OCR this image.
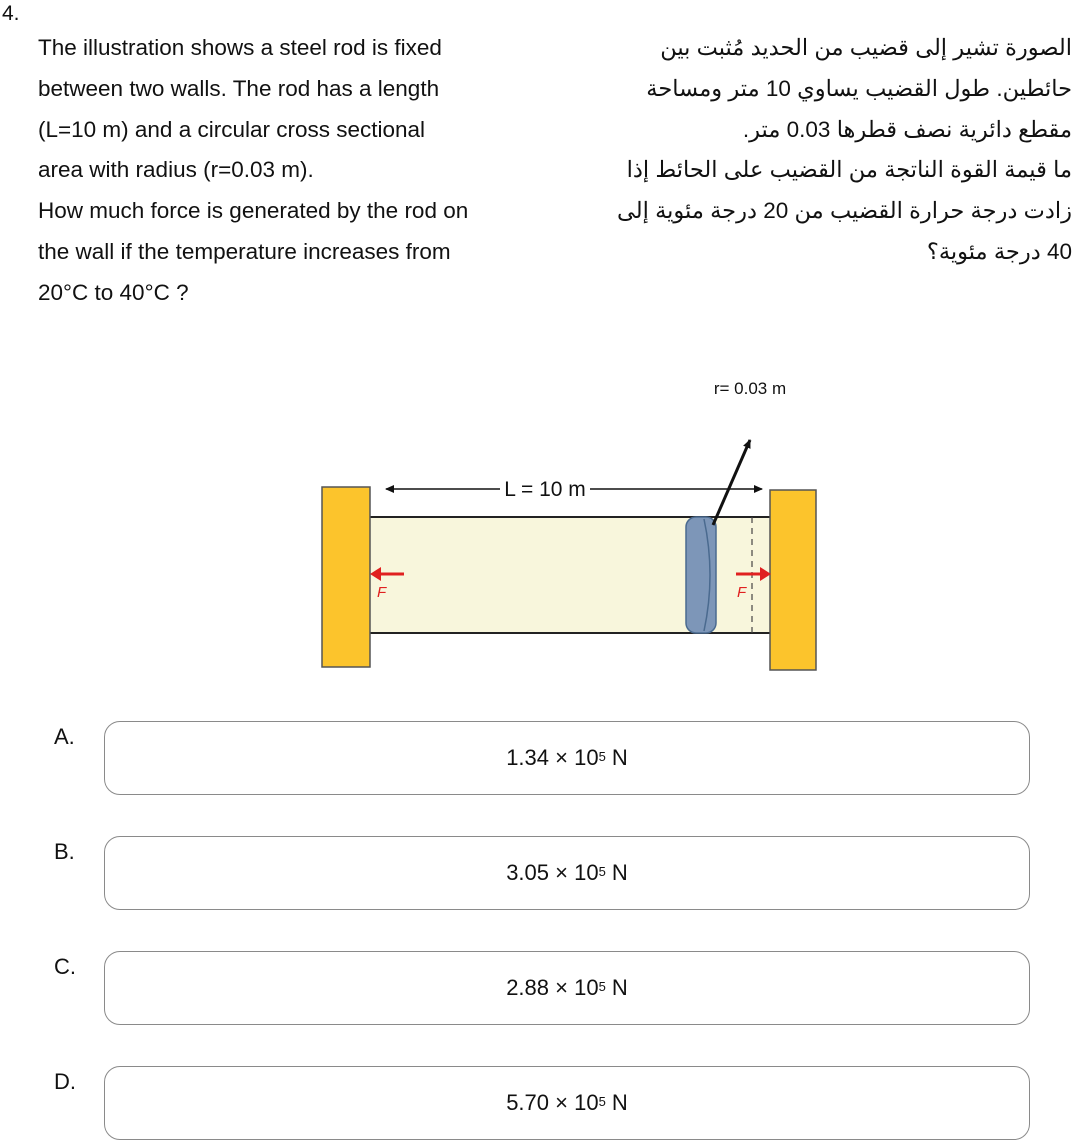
4.

The illustration shows a steel rod is fixed

between two walls. The rod has a length

(L=10 m) and a circular cross sectional

area with radius (r=0.03 m).

How much force is generated by the rod on

the wall if the temperature increases from

20°C to 40°C ?

الصورة تشير إلى قضيب من الحديد مُثبت بين

حائطين. طول القضيب يساوي 10 متر ومساحة

مقطع دائرية نصف قطرها 0.03 متر.

ما قيمة القوة الناتجة من القضيب على الحائط إذا

زادت درجة حرارة القضيب من 20 درجة مئوية إلى

40 درجة مئوية؟

L = 10 m
r= 0.03 m
F	F
A.
$1.34 \times 10^5$ N
B.
$3.05 \times 10^5$ N
C.
$2.88 \times 10^5$ N
D.
$5.70 \times 10^5$ N
